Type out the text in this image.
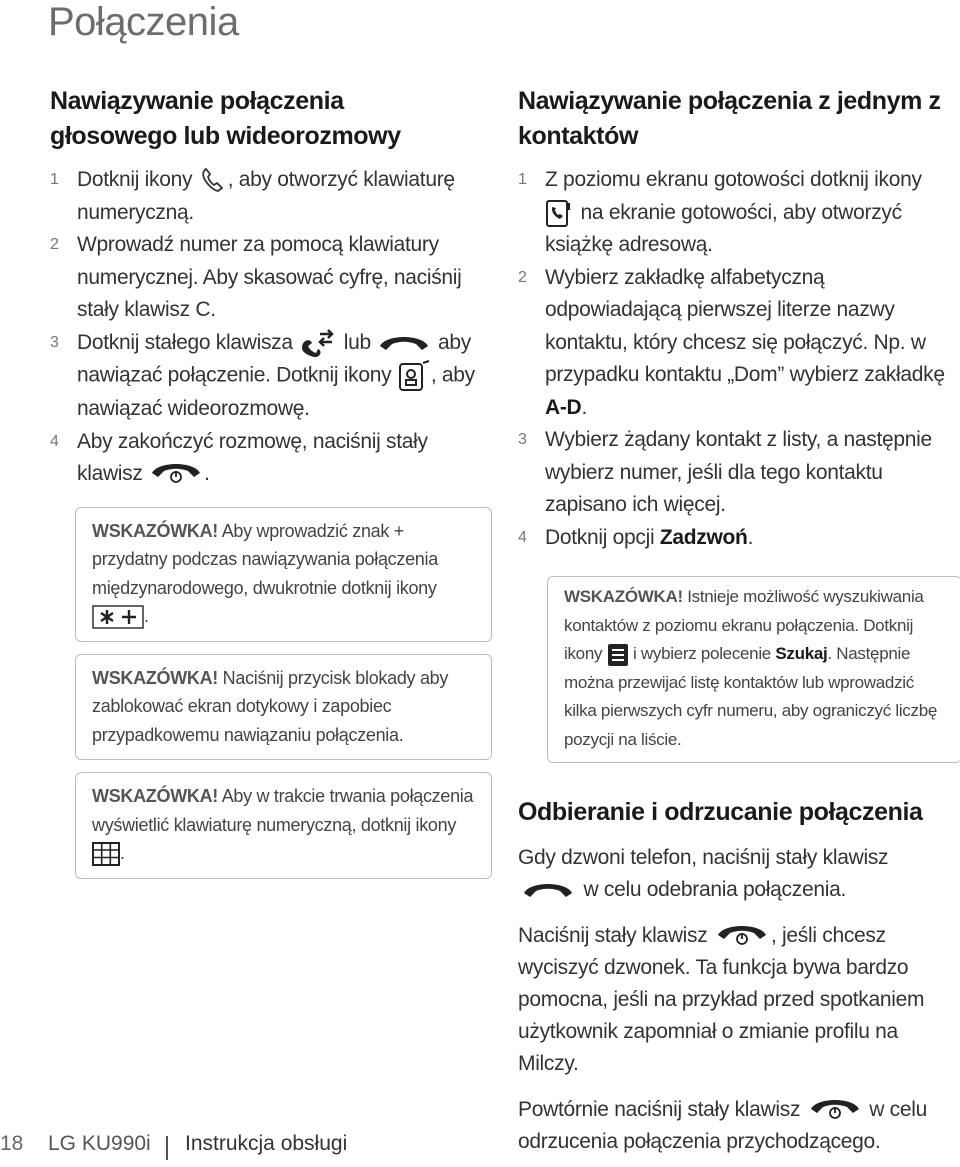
Połączenia
Nawiązywanie połączenia głosowego lub wideorozmowy
1 Dotknij ikony , aby otworzyć klawiaturę numeryczną.
2 Wprowadź numer za pomocą klawiatury numerycznej. Aby skasować cyfrę, naciśnij stały klawisz C.
3 Dotknij stałego klawisza  lub	aby nawiązać połączenie. Dotknij ikony , aby nawiązać wideorozmowę.
4 Aby zakończyć rozmowę, naciśnij stały klawisz	.
WSKAZÓWKA! Aby wprowadzić znak + przydatny podczas nawiązywania połączenia międzynarodowego, dwukrotnie dotknij ikony .
WSKAZÓWKA! Naciśnij przycisk blokady aby zablokować ekran dotykowy i zapobiec przypadkowemu nawiązaniu połączenia.
WSKAZÓWKA! Aby w trakcie trwania połączenia wyświetlić klawiaturę numeryczną, dotknij ikony .
Nawiązywanie połączenia z jednym z kontaktów
1 Z poziomu ekranu gotowości dotknij ikony  na ekranie gotowości, aby otworzyć książkę adresową.
2 Wybierz zakładkę alfabetyczną odpowiadającą pierwszej literze nazwy kontaktu, który chcesz się połączyć. Np. w przypadku kontaktu „Dom” wybierz zakładkę A-D.
3 Wybierz żądany kontakt z listy, a następnie wybierz numer, jeśli dla tego kontaktu zapisano ich więcej.
4 Dotknij opcji Zadzwoń.
WSKAZÓWKA! Istnieje możliwość wyszukiwania kontaktów z poziomu ekranu połączenia. Dotknij ikony  i wybierz polecenie Szukaj. Następnie można przewijać listę kontaktów lub wprowadzić kilka pierwszych cyfr numeru, aby ograniczyć liczbę pozycji na liście.
Odbieranie i odrzucanie połączenia

Gdy dzwoni telefon, naciśnij stały klawisz  w celu odebrania połączenia.

Naciśnij stały klawisz	, jeśli chcesz wyciszyć dzwonek. Ta funkcja bywa bardzo pomocna, jeśli na przykład przed spotkaniem użytkownik zapomniał o zmianie profilu na Milczy.

Powtórnie naciśnij stały klawisz	w celu odrzucenia połączenia przychodzącego.

18 LG KU990i Instrukcja obsługi
